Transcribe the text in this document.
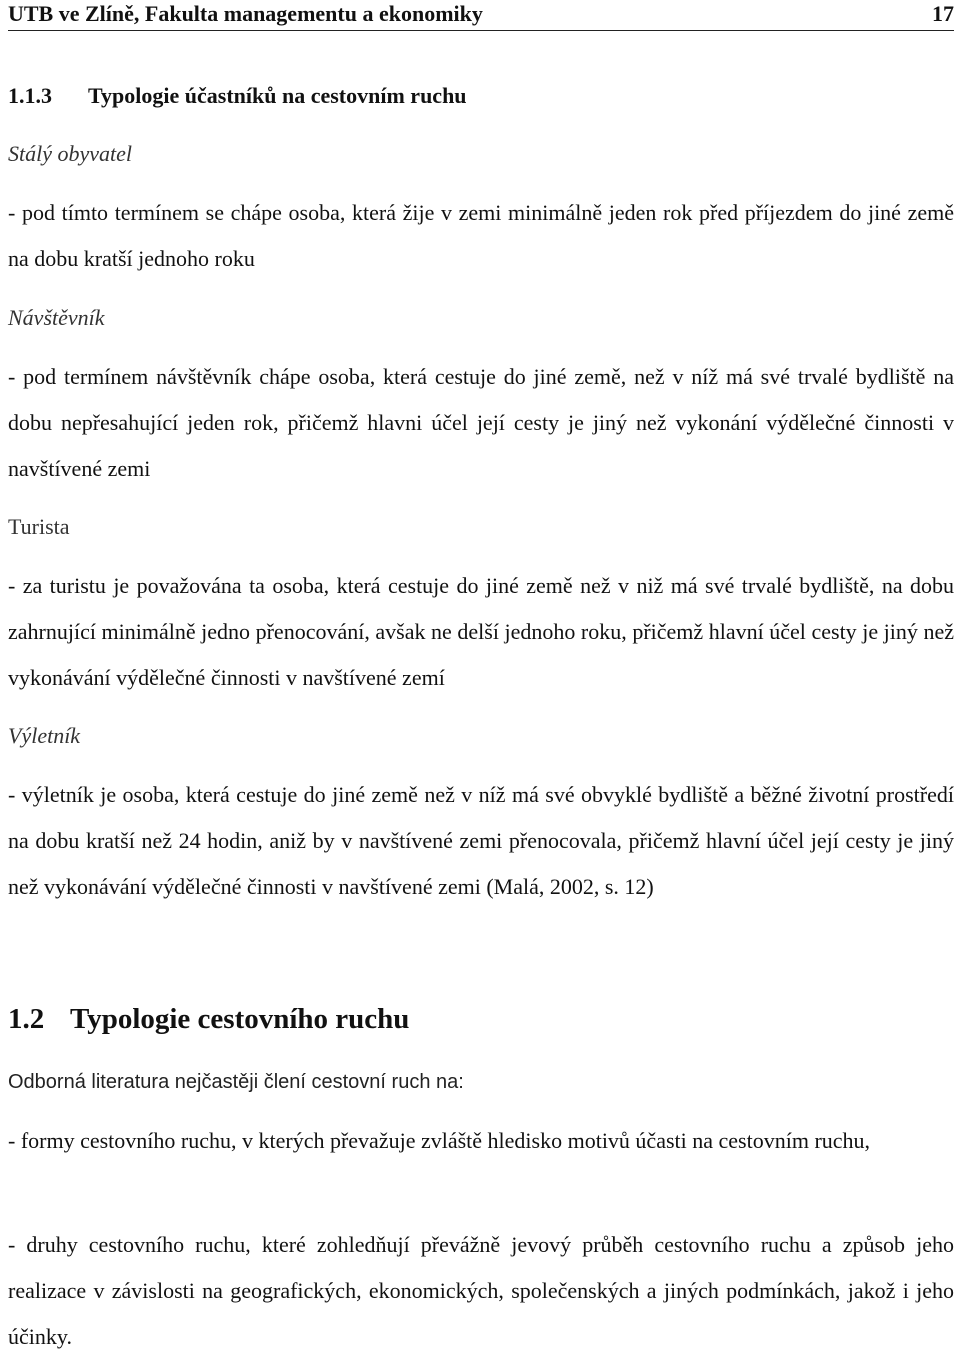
UTB ve Zlíně, Fakulta managementu a ekonomiky	17
1.1.3 Typologie účastníků na cestovním ruchu

Stálý obyvatel

- pod tímto termínem se chápe osoba, která žije v zemi minimálně jeden rok před příjezdem do jiné země na dobu kratší jednoho roku

Návštěvník

- pod termínem návštěvník chápe osoba, která cestuje do jiné země, než v níž má své trvalé bydliště na dobu nepřesahující jeden rok, přičemž hlavni účel její cesty je jiný než vykonání výdělečné činnosti v navštívené zemi

Turista

- za turistu je považována ta osoba, která cestuje do jiné země než v niž má své trvalé bydliště, na dobu zahrnující minimálně jedno přenocování, avšak ne delší jednoho roku, přičemž hlavní účel cesty je jiný než vykonávání výdělečné činnosti v navštívené zemí

Výletník

- výletník je osoba, která cestuje do jiné země než v níž má své obvyklé bydliště a běžné životní prostředí na dobu kratší než 24 hodin, aniž by v navštívené zemi přenocovala, přičemž hlavní účel její cesty je jiný než vykonávání výdělečné činnosti v navštívené zemi (Malá, 2002, s. 12)

1.2 Typologie cestovního ruchu

Odborná literatura nejčastěji člení cestovní ruch na:

- formy cestovního ruchu, v kterých převažuje zvláště hledisko motivů účasti na cestovním ruchu,

- druhy cestovního ruchu, které zohledňují převážně jevový průběh cestovního ruchu a způsob jeho realizace v závislosti na geografických, ekonomických, společenských a jiných podmínkách, jakož i jeho účinky.
